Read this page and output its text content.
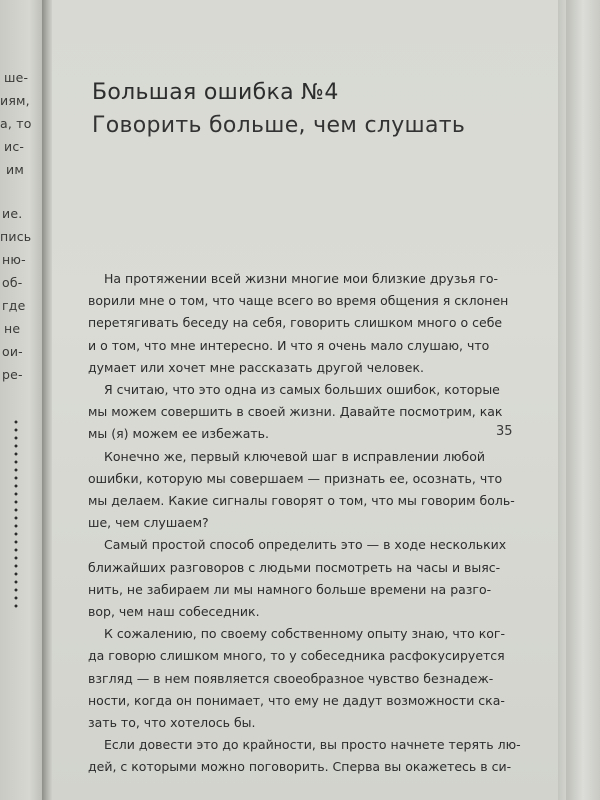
ше-
иям,
а, то
ис-
им
ие.
пись
ню-
об-
где
не
ои-
ре-
Большая ошибка №4
Говорить больше, чем слушать
На протяжении всей жизни многие мои близкие друзья го-
ворили мне о том, что чаще всего во время общения я склонен
перетягивать беседу на себя, говорить слишком много о себе
и о том, что мне интересно. И что я очень мало слушаю, что
думает или хочет мне рассказать другой человек.
Я считаю, что это одна из самых больших ошибок, которые
мы можем совершить в своей жизни. Давайте посмотрим, как
мы (я) можем ее избежать.
Конечно же, первый ключевой шаг в исправлении любой
ошибки, которую мы совершаем — признать ее, осознать, что
мы делаем. Какие сигналы говорят о том, что мы говорим боль-
ше, чем слушаем?
Самый простой способ определить это — в ходе нескольких
ближайших разговоров с людьми посмотреть на часы и выяс-
нить, не забираем ли мы намного больше времени на разго-
вор, чем наш собеседник.
К сожалению, по своему собственному опыту знаю, что ког-
да говорю слишком много, то у собеседника расфокусируется
взгляд — в нем появляется своеобразное чувство безнадеж-
ности, когда он понимает, что ему не дадут возможности ска-
зать то, что хотелось бы.
Если довести это до крайности, вы просто начнете терять лю-
дей, с которыми можно поговорить. Сперва вы окажетесь в си-
35
